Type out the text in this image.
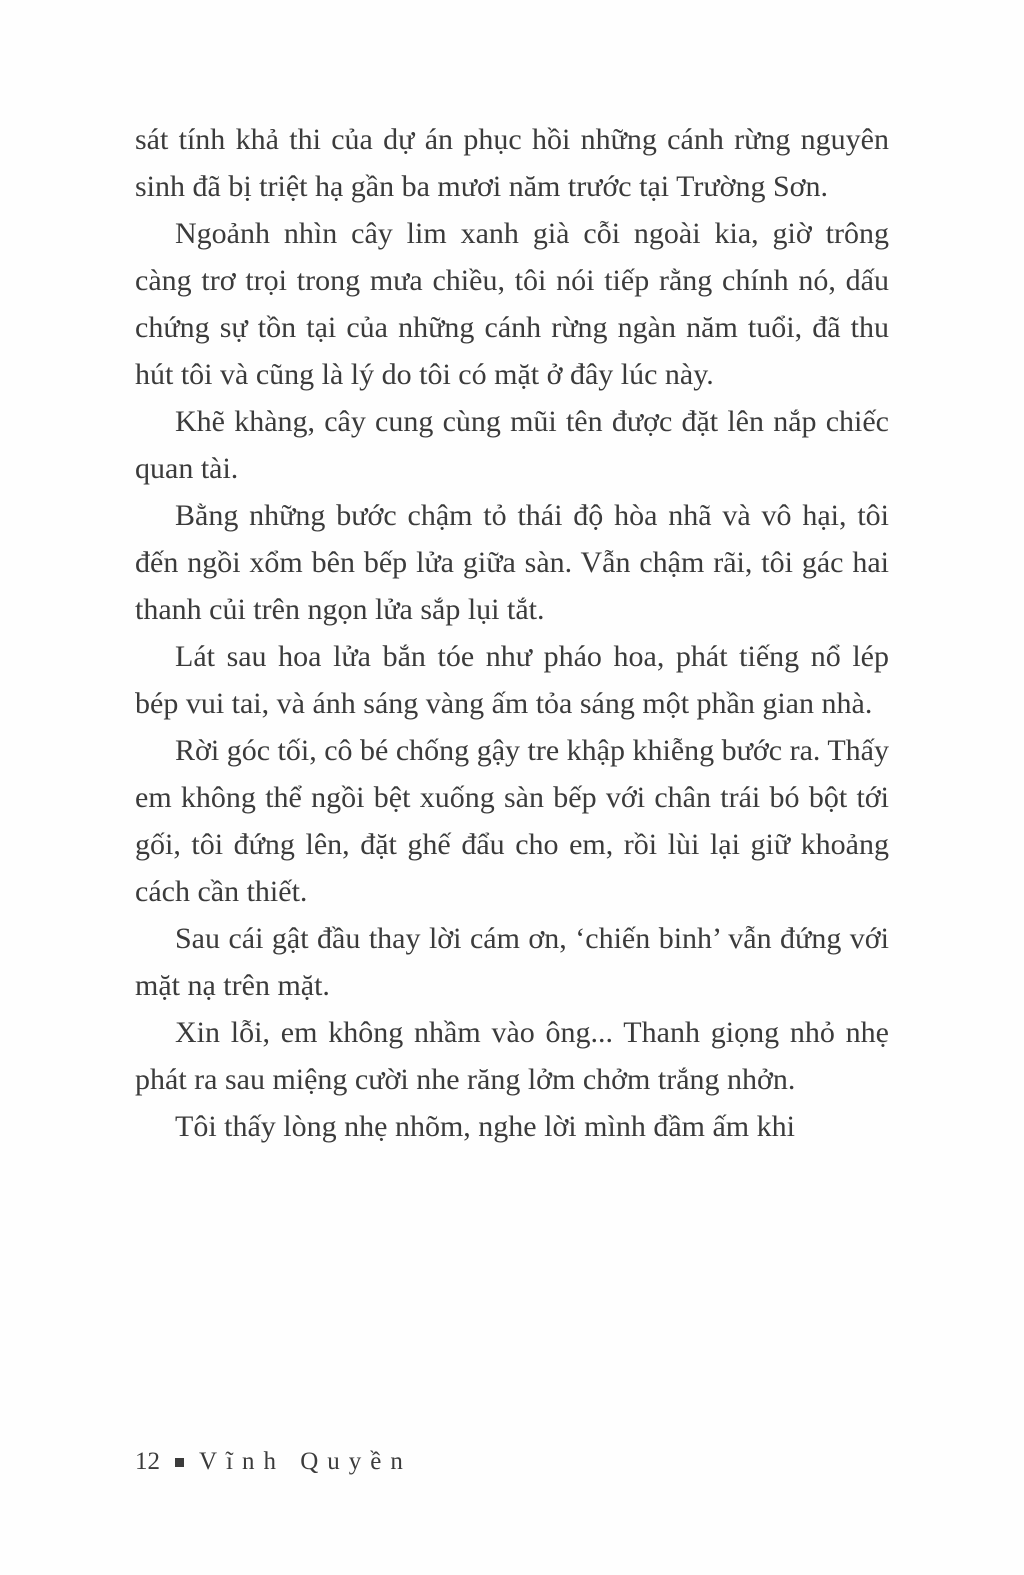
sát tính khả thi của dự án phục hồi những cánh rừng nguyên sinh đã bị triệt hạ gần ba mươi năm trước tại Trường Sơn.

Ngoảnh nhìn cây lim xanh già cỗi ngoài kia, giờ trông càng trơ trọi trong mưa chiều, tôi nói tiếp rằng chính nó, dấu chứng sự tồn tại của những cánh rừng ngàn năm tuổi, đã thu hút tôi và cũng là lý do tôi có mặt ở đây lúc này.

Khẽ khàng, cây cung cùng mũi tên được đặt lên nắp chiếc quan tài.

Bằng những bước chậm tỏ thái độ hòa nhã và vô hại, tôi đến ngồi xổm bên bếp lửa giữa sàn. Vẫn chậm rãi, tôi gác hai thanh củi trên ngọn lửa sắp lụi tắt.

Lát sau hoa lửa bắn tóe như pháo hoa, phát tiếng nổ lép bép vui tai, và ánh sáng vàng ấm tỏa sáng một phần gian nhà.

Rời góc tối, cô bé chống gậy tre khập khiễng bước ra. Thấy em không thể ngồi bệt xuống sàn bếp với chân trái bó bột tới gối, tôi đứng lên, đặt ghế đẩu cho em, rồi lùi lại giữ khoảng cách cần thiết.

Sau cái gật đầu thay lời cám ơn, ‘chiến binh’ vẫn đứng với mặt nạ trên mặt.

Xin lỗi, em không nhầm vào ông... Thanh giọng nhỏ nhẹ phát ra sau miệng cười nhe răng lởm chởm trắng nhởn.

Tôi thấy lòng nhẹ nhõm, nghe lời mình đầm ấm khi

12 Vĩnh Quyền
